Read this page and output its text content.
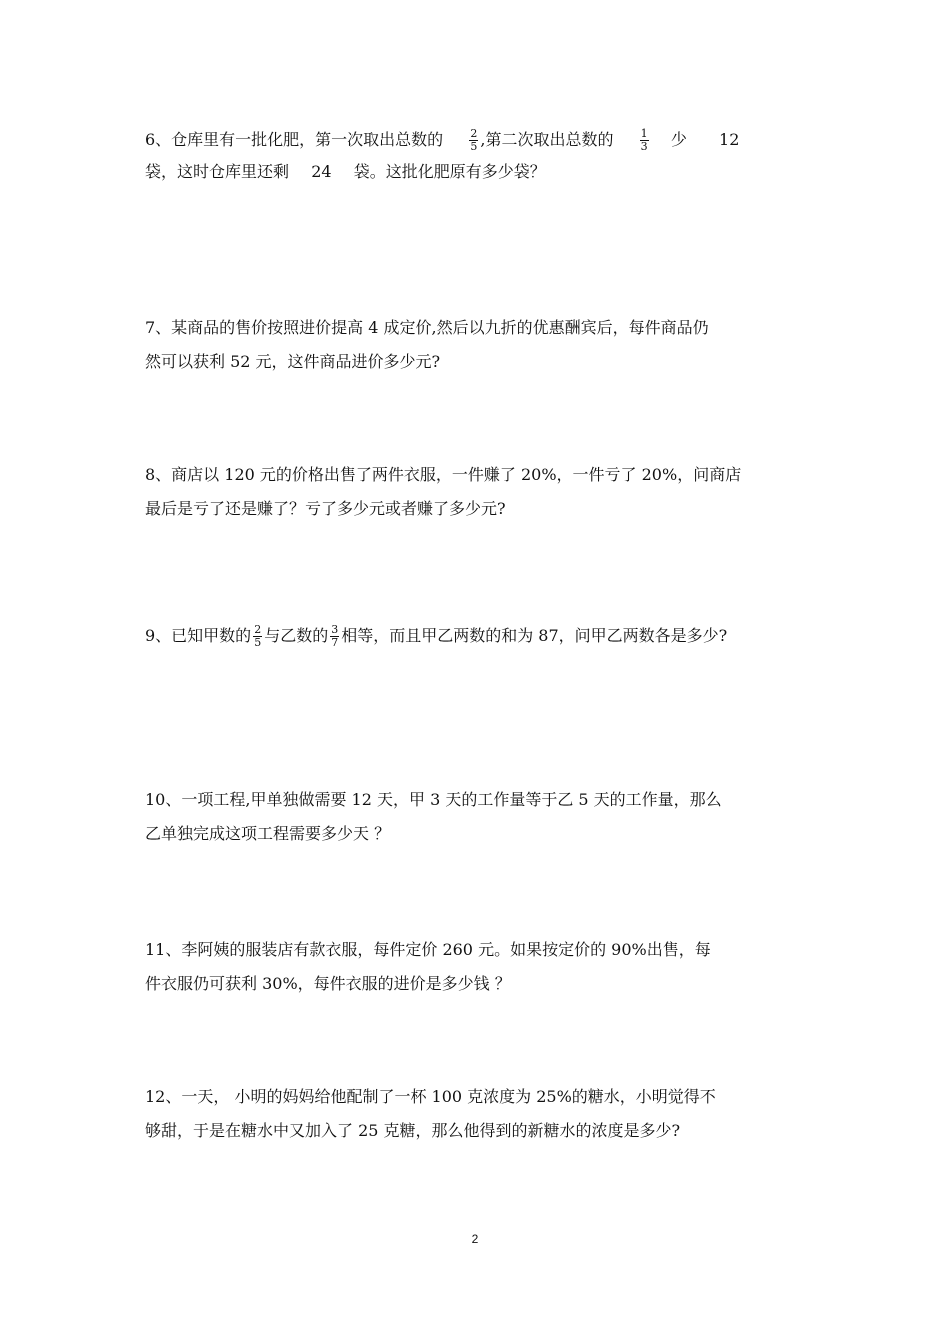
6、仓库里有一批化肥，第一次取出总数的 $\frac{2}{5}$ ,第二次取出总数的 $\frac{1}{3}$ 少 12
袋，这时仓库里还剩 24 袋。这批化肥原有多少袋？
7、某商品的售价按照进价提高 4 成定价,然后以九折的优惠酬宾后，每件商品仍
然可以获利 52 元，这件商品进价多少元?
8、商店以 120 元的价格出售了两件衣服，一件赚了 20%，一件亏了 20%，问商店
最后是亏了还是赚了？亏了多少元或者赚了多少元?
9、已知甲数的 $\frac{2}{5}$ 与乙数的 $\frac{3}{7}$ 相等，而且甲乙两数的和为 87，问甲乙两数各是多少?
10、一项工程,甲单独做需要 12 天，甲 3 天的工作量等于乙 5 天的工作量，那么
乙单独完成这项工程需要多少天 ？
11、李阿姨的服装店有款衣服，每件定价 260 元。如果按定价的 90%出售，每
件衣服仍可获利 30%，每件衣服的进价是多少钱 ？
12、一天， 小明的妈妈给他配制了一杯 100 克浓度为 25%的糖水，小明觉得不
够甜，于是在糖水中又加入了 25 克糖，那么他得到的新糖水的浓度是多少?
2
